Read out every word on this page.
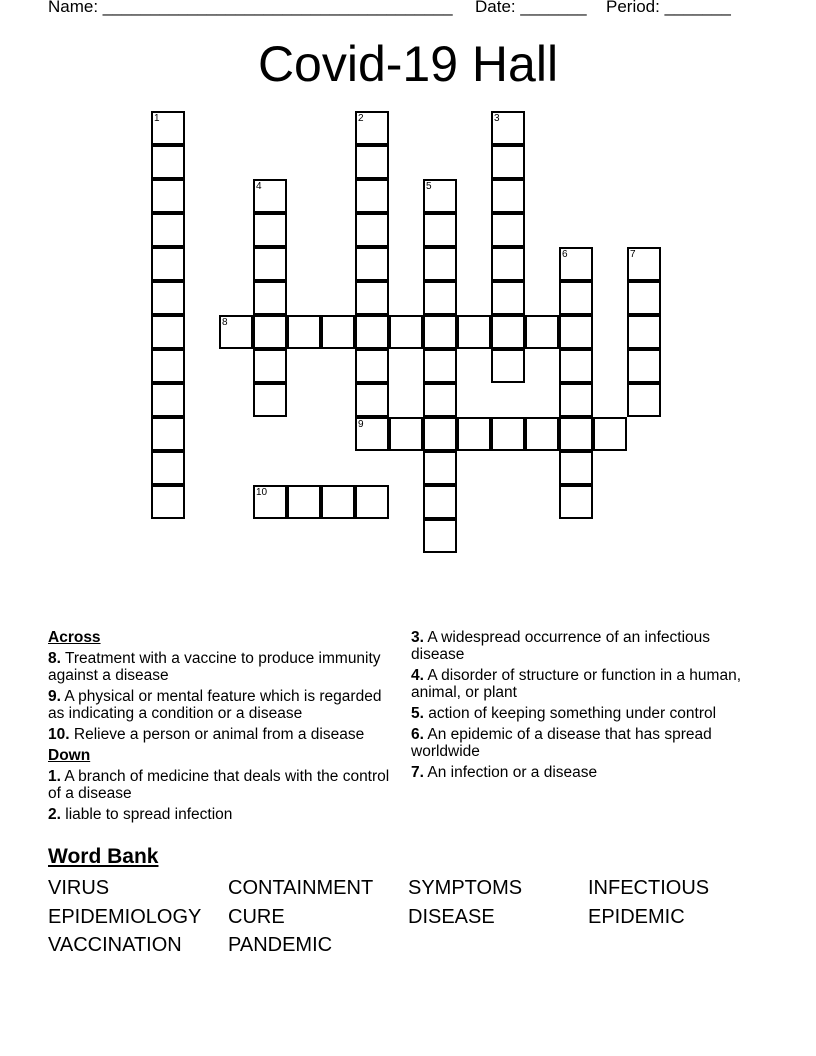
Name: _____________________________________ Date: _______ Period: _______
Covid-19 Hall
1	2
9
3
4	5
6	7
8
10
Across
8. Treatment with a vaccine to produce immunity against a disease
9. A physical or mental feature which is regarded as indicating a condition or a disease
10. Relieve a person or animal from a disease
Down
1. A branch of medicine that deals with the control of a disease
2. liable to spread infection
3. A widespread occurrence of an infectious disease
4. A disorder of structure or function in a human, animal, or plant
5. action of keeping something under control
6. An epidemic of a disease that has spread worldwide
7. An infection or a disease
Word Bank
VIRUS	CONTAINMENT	SYMPTOMS	INFECTIOUS
EPIDEMIOLOGY	CURE	DISEASE	EPIDEMIC
VACCINATION	PANDEMIC
